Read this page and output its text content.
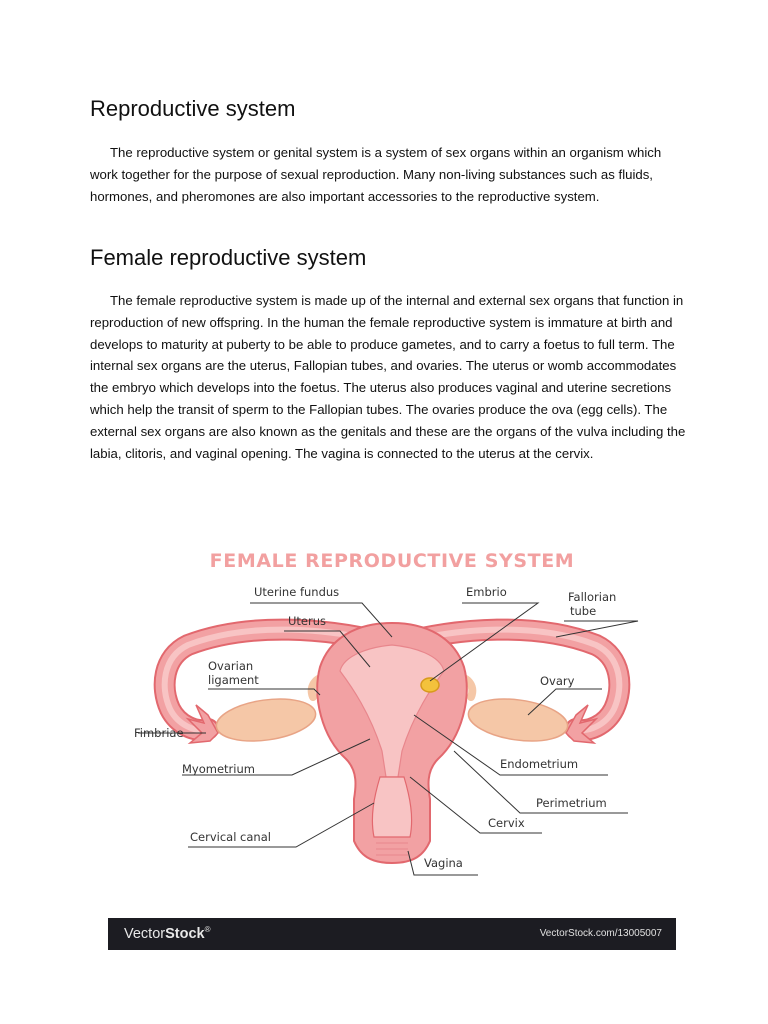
Reproductive system

The reproductive system or genital system is a system of sex organs within an organism which work together for the purpose of sexual reproduction. Many non-living substances such as fluids, hormones, and pheromones are also important accessories to the reproductive system.

Female reproductive system

The female reproductive system is made up of the internal and external sex organs that function in reproduction of new offspring. In the human the female reproductive system is immature at birth and develops to maturity at puberty to be able to produce gametes, and to carry a foetus to full term. The internal sex organs are the uterus, Fallopian tubes, and ovaries. The uterus or womb accommodates the embryo which develops into the foetus. The uterus also produces vaginal and uterine secretions which help the transit of sperm to the Fallopian tubes. The ovaries produce the ova (egg cells). The external sex organs are also known as the genitals and these are the organs of the vulva including the labia, clitoris, and vaginal opening. The vagina is connected to the uterus at the cervix.

FEMALE REPRODUCTIVE SYSTEM
Uterine fundus	Embrio	Fallorian
tube
Uterus
Ovarian
ligament	Ovary
Fimbriae
Myometrium	Endometrium
Perimetrium
Cervix
Cervical canal
Vagina
VectorStock®	VectorStock.com/13005007
